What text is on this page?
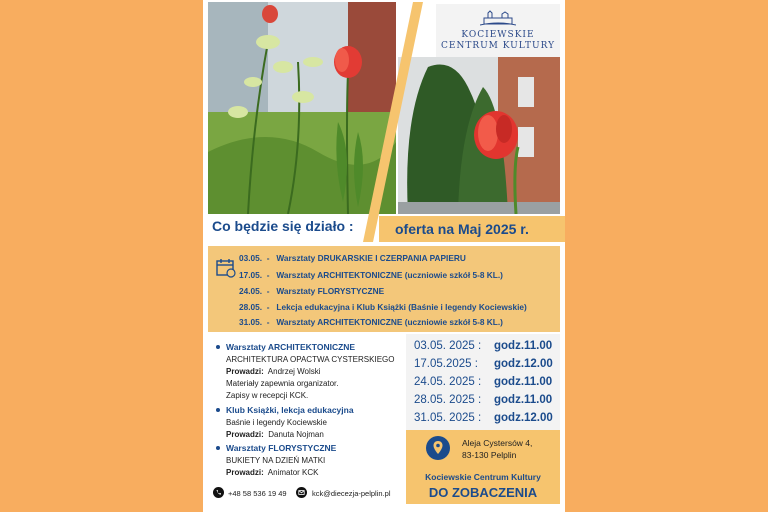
KOCIEWSKIE
CENTRUM KULTURY
Co będzie się działo :	oferta na Maj 2025 r.
03.05.  -   Warsztaty DRUKARSKIE I CZERPANIA PAPIERU
17.05.  -   Warsztaty ARCHITEKTONICZNE (uczniowie szkół 5-8 KL.)
24.05.  -   Warsztaty FLORYSTYCZNE
28.05.  -   Lekcja edukacyjna i Klub Książki (Baśnie i legendy Kociewskie)
31.05.  -   Warsztaty ARCHITEKTONICZNE (uczniowie szkół 5-8 KL.)
Warsztaty ARCHITEKTONICZNE
ARCHITEKTURA OPACTWA CYSTERSKIEGO
Prowadzi: Andrzej Wolski
Materiały zapewnia organizator.
Zapisy w recepcji KCK.
Klub Książki, lekcja edukacyjna
Baśnie i legendy Kociewskie
Prowadzi: Danuta Nojman
Warsztaty FLORYSTYCZNE
BUKIETY NA DZIEŃ MATKI
Prowadzi: Animator KCK
03.05. 2025 : godz.11.00
17.05.2025 : godz.12.00
24.05. 2025 : godz.11.00
28.05. 2025 : godz.11.00
31.05. 2025 : godz.12.00
Aleja Cystersów 4,
83-130 Pelplin
Kociewskie Centrum Kultury
DO ZOBACZENIA
+48 58 536 19 49	kck@diecezja-pelplin.pl
